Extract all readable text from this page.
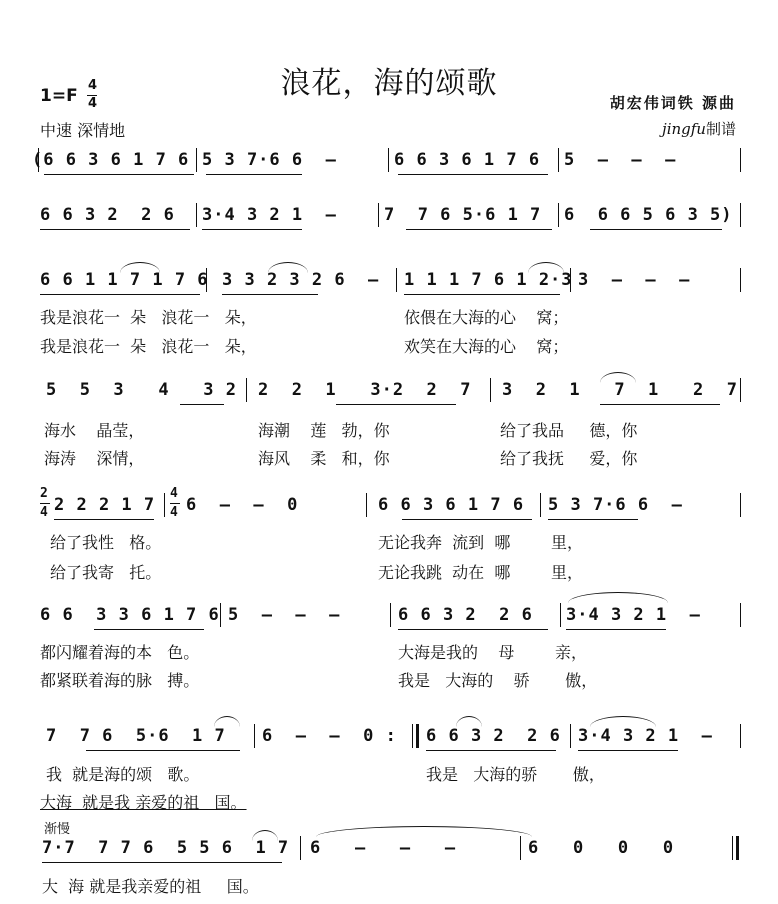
浪花，海的颂歌
1=F
4
4
中速 深情地
胡宏伟词铁 源曲
jingfu制谱
(6 6 3 6 1 7 6 5 3 7·6 6  –	6 6 3 6 1 7 6 5  –  –  –
6 6 3 2  2 6 3·4 3 2 1  –	7  7 6 5·6 1 7 6  6 6 5 6 3 5)
6 6 1 1 7 1 7 6 3 3 2 3 2 6  – 1 1 1 7 6 1 2·3 3  –  –  –
我是浪花一  朵   浪花一   朵，	依偎在大海的心    窝；
我是浪花一  朵   浪花一   朵，	欢笑在大海的心    窝；
5  5  3   4   3 2 2  2  1   3·2  2  7 3  2  1   7  1   2  7
海水    晶莹，	海潮    莲   勃，你	给了我品     德，你
海涛    深情，	海风    柔   和，你	给了我抚     爱，你
2
4 2 2 2 1 7
4
4 6  –  –  0	6 6 3 6 1 7 6 5 3 7·6 6  –
给了我性   格。	无论我奔  流到  哪        里，
给了我寄   托。	无论我跳  动在  哪        里，
6 6  3 3 6 1 7 6 5  –  –  –	6 6 3 2  2 6 3·4 3 2 1  –
都闪耀着海的本   色。	大海是我的    母        亲，
都紧联着海的脉   搏。	我是   大海的    骄       傲，
7  7 6  5·6  1 7 6  –  –  0 : 6 6 3 2  2 6 3·4 3 2 1  –
我  就是海的颂   歌。	我是   大海的骄       傲，
大海  就是我 亲爱的祖   国。
渐慢
7·7  7 7 6  5 5 6  1 7 6   –   –   –	6   0   0   0
大  海 就是我亲爱的祖     国。
